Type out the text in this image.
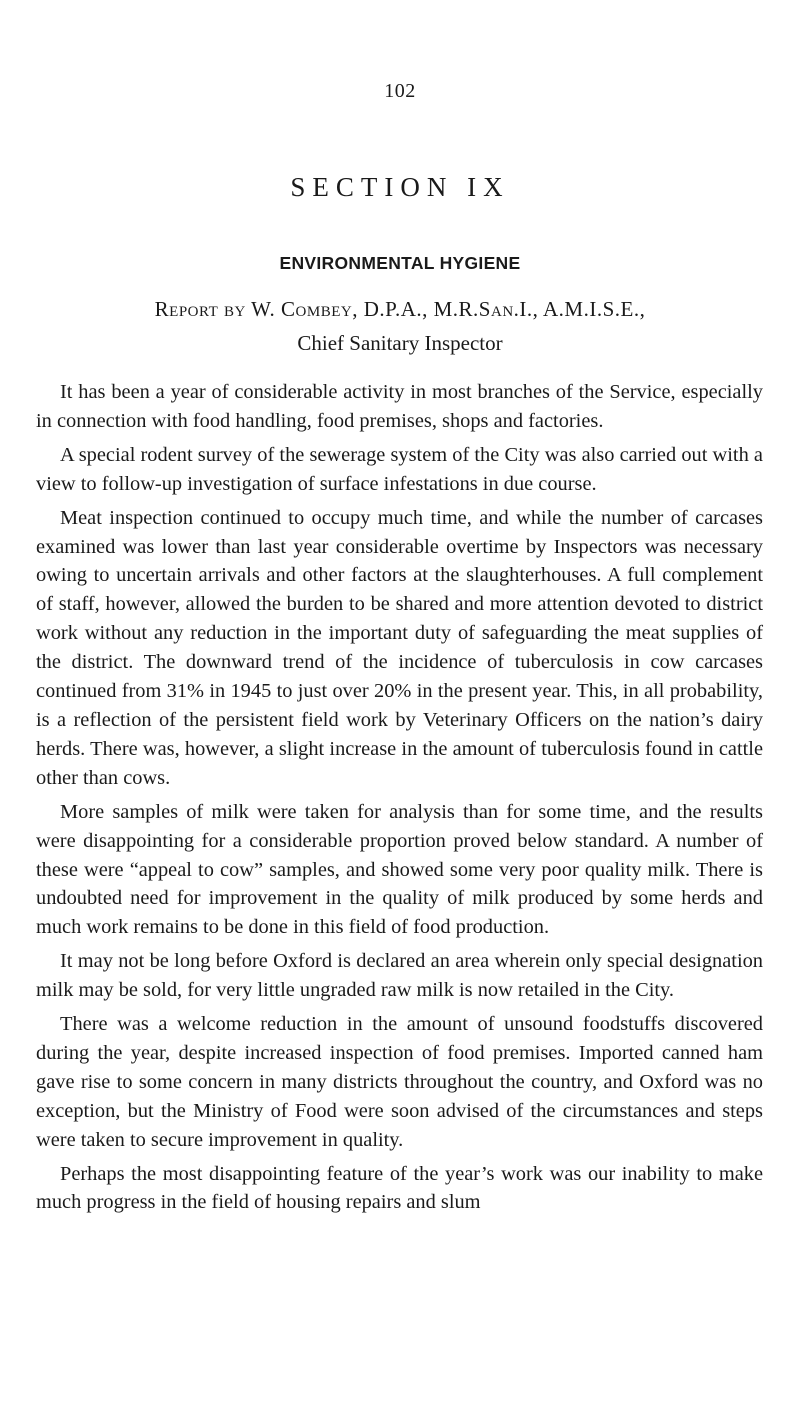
102
SECTION IX
ENVIRONMENTAL HYGIENE
Report by W. Combey, D.P.A., M.R.San.I., A.M.I.S.E.,
Chief Sanitary Inspector

It has been a year of considerable activity in most branches of the Service, especially in connection with food handling, food premises, shops and factories.

A special rodent survey of the sewerage system of the City was also carried out with a view to follow-up investigation of surface infestations in due course.

Meat inspection continued to occupy much time, and while the number of carcases examined was lower than last year considerable overtime by Inspectors was necessary owing to uncertain arrivals and other factors at the slaughterhouses. A full complement of staff, however, allowed the burden to be shared and more attention devoted to district work without any reduction in the important duty of safeguarding the meat supplies of the district. The downward trend of the incidence of tuberculosis in cow carcases continued from 31% in 1945 to just over 20% in the present year. This, in all probability, is a reflection of the persistent field work by Veterinary Officers on the nation’s dairy herds. There was, however, a slight increase in the amount of tuberculosis found in cattle other than cows.

More samples of milk were taken for analysis than for some time, and the results were disappointing for a considerable proportion proved below standard. A number of these were “appeal to cow” samples, and showed some very poor quality milk. There is undoubted need for improvement in the quality of milk produced by some herds and much work remains to be done in this field of food production.

It may not be long before Oxford is declared an area wherein only special designation milk may be sold, for very little ungraded raw milk is now retailed in the City.

There was a welcome reduction in the amount of unsound foodstuffs discovered during the year, despite increased inspection of food premises. Imported canned ham gave rise to some concern in many districts throughout the country, and Oxford was no exception, but the Ministry of Food were soon advised of the circumstances and steps were taken to secure improvement in quality.

Perhaps the most disappointing feature of the year’s work was our inability to make much progress in the field of housing repairs and slum
